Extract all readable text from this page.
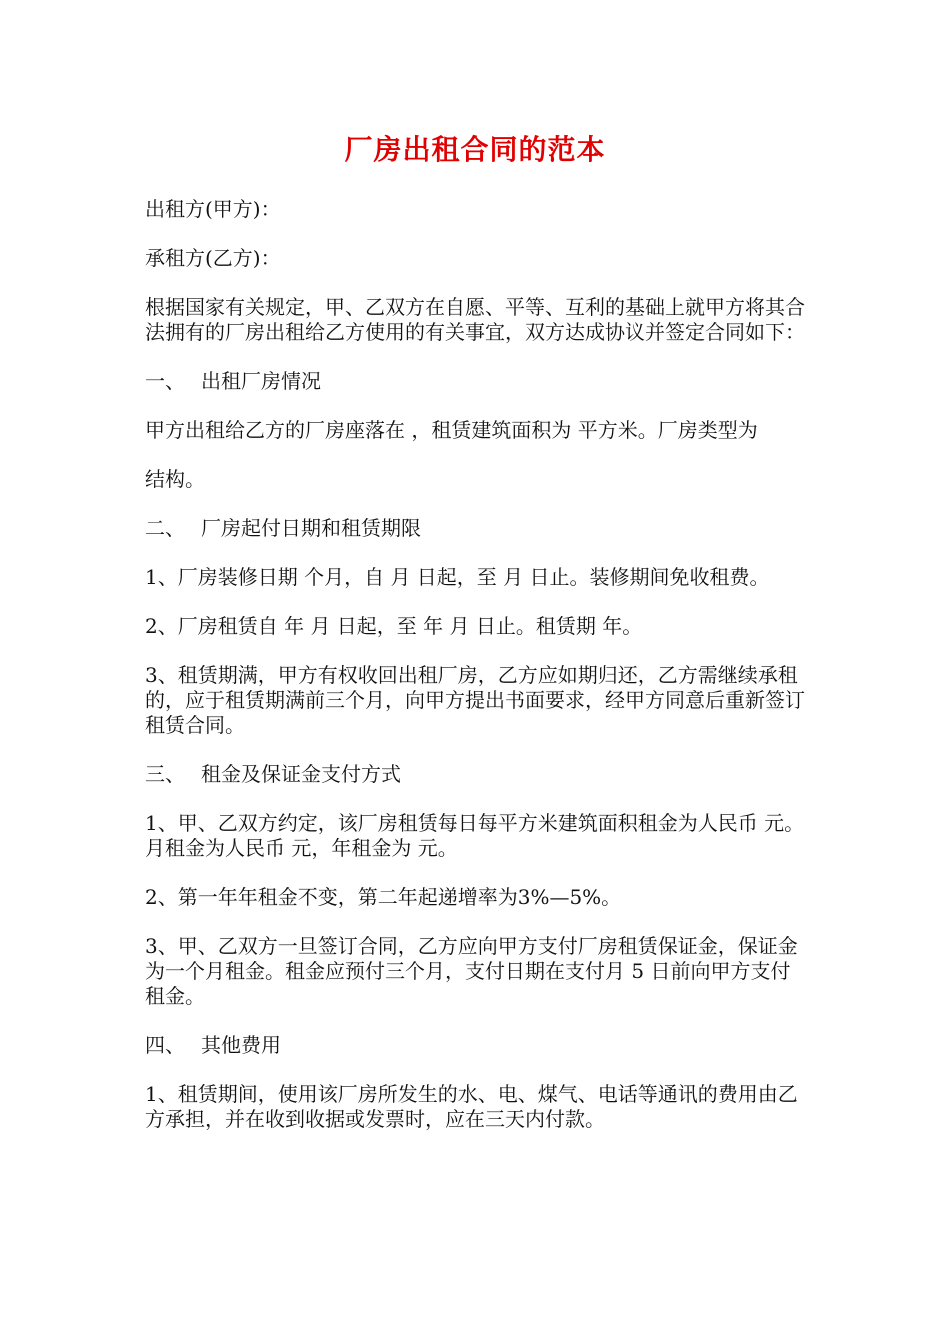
厂房出租合同的范本

出租方(甲方)：

承租方(乙方)：

根据国家有关规定，甲、乙双方在自愿、平等、互利的基础上就甲方将其合法拥有的厂房出租给乙方使用的有关事宜，双方达成协议并签定合同如下：

一、 出租厂房情况

甲方出租给乙方的厂房座落在 ，租赁建筑面积为 平方米。厂房类型为

结构。

二、 厂房起付日期和租赁期限

1、厂房装修日期 个月，自 月 日起，至 月 日止。装修期间免收租费。

2、厂房租赁自 年 月 日起，至 年 月 日止。租赁期 年。

3、租赁期满，甲方有权收回出租厂房，乙方应如期归还，乙方需继续承租的，应于租赁期满前三个月，向甲方提出书面要求，经甲方同意后重新签订租赁合同。

三、 租金及保证金支付方式

1、甲、乙双方约定，该厂房租赁每日每平方米建筑面积租金为人民币 元。月租金为人民币 元，年租金为 元。

2、第一年年租金不变，第二年起递增率为3%—5%。

3、甲、乙双方一旦签订合同，乙方应向甲方支付厂房租赁保证金，保证金为一个月租金。租金应预付三个月，支付日期在支付月 5 日前向甲方支付租金。

四、 其他费用

1、租赁期间，使用该厂房所发生的水、电、煤气、电话等通讯的费用由乙方承担，并在收到收据或发票时，应在三天内付款。
